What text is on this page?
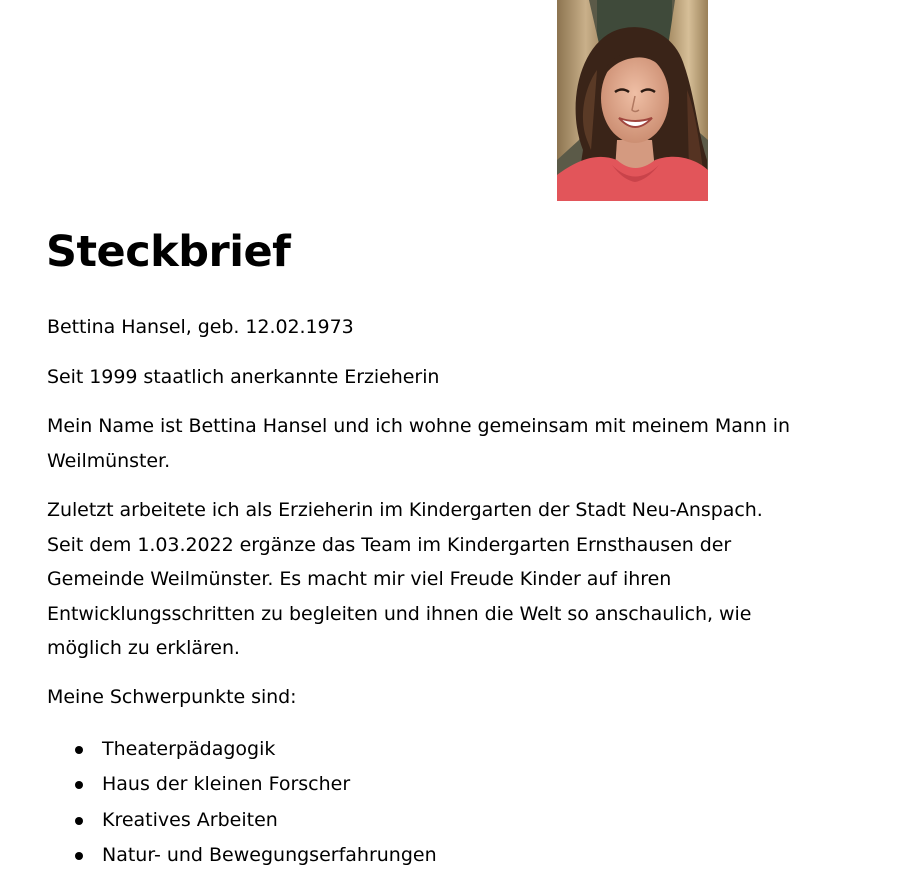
Steckbrief

Bettina Hansel, geb. 12.02.1973

Seit 1999 staatlich anerkannte Erzieherin

Mein Name ist Bettina Hansel und ich wohne gemeinsam mit meinem Mann in
Weilmünster.

Zuletzt arbeitete ich als Erzieherin im Kindergarten der Stadt Neu-Anspach.
Seit dem 1.03.2022 ergänze das Team im Kindergarten Ernsthausen der
Gemeinde Weilmünster. Es macht mir viel Freude Kinder auf ihren
Entwicklungsschritten zu begleiten und ihnen die Welt so anschaulich, wie
möglich zu erklären.

Meine Schwerpunkte sind:

Theaterpädagogik
Haus der kleinen Forscher
Kreatives Arbeiten
Natur- und Bewegungserfahrungen
